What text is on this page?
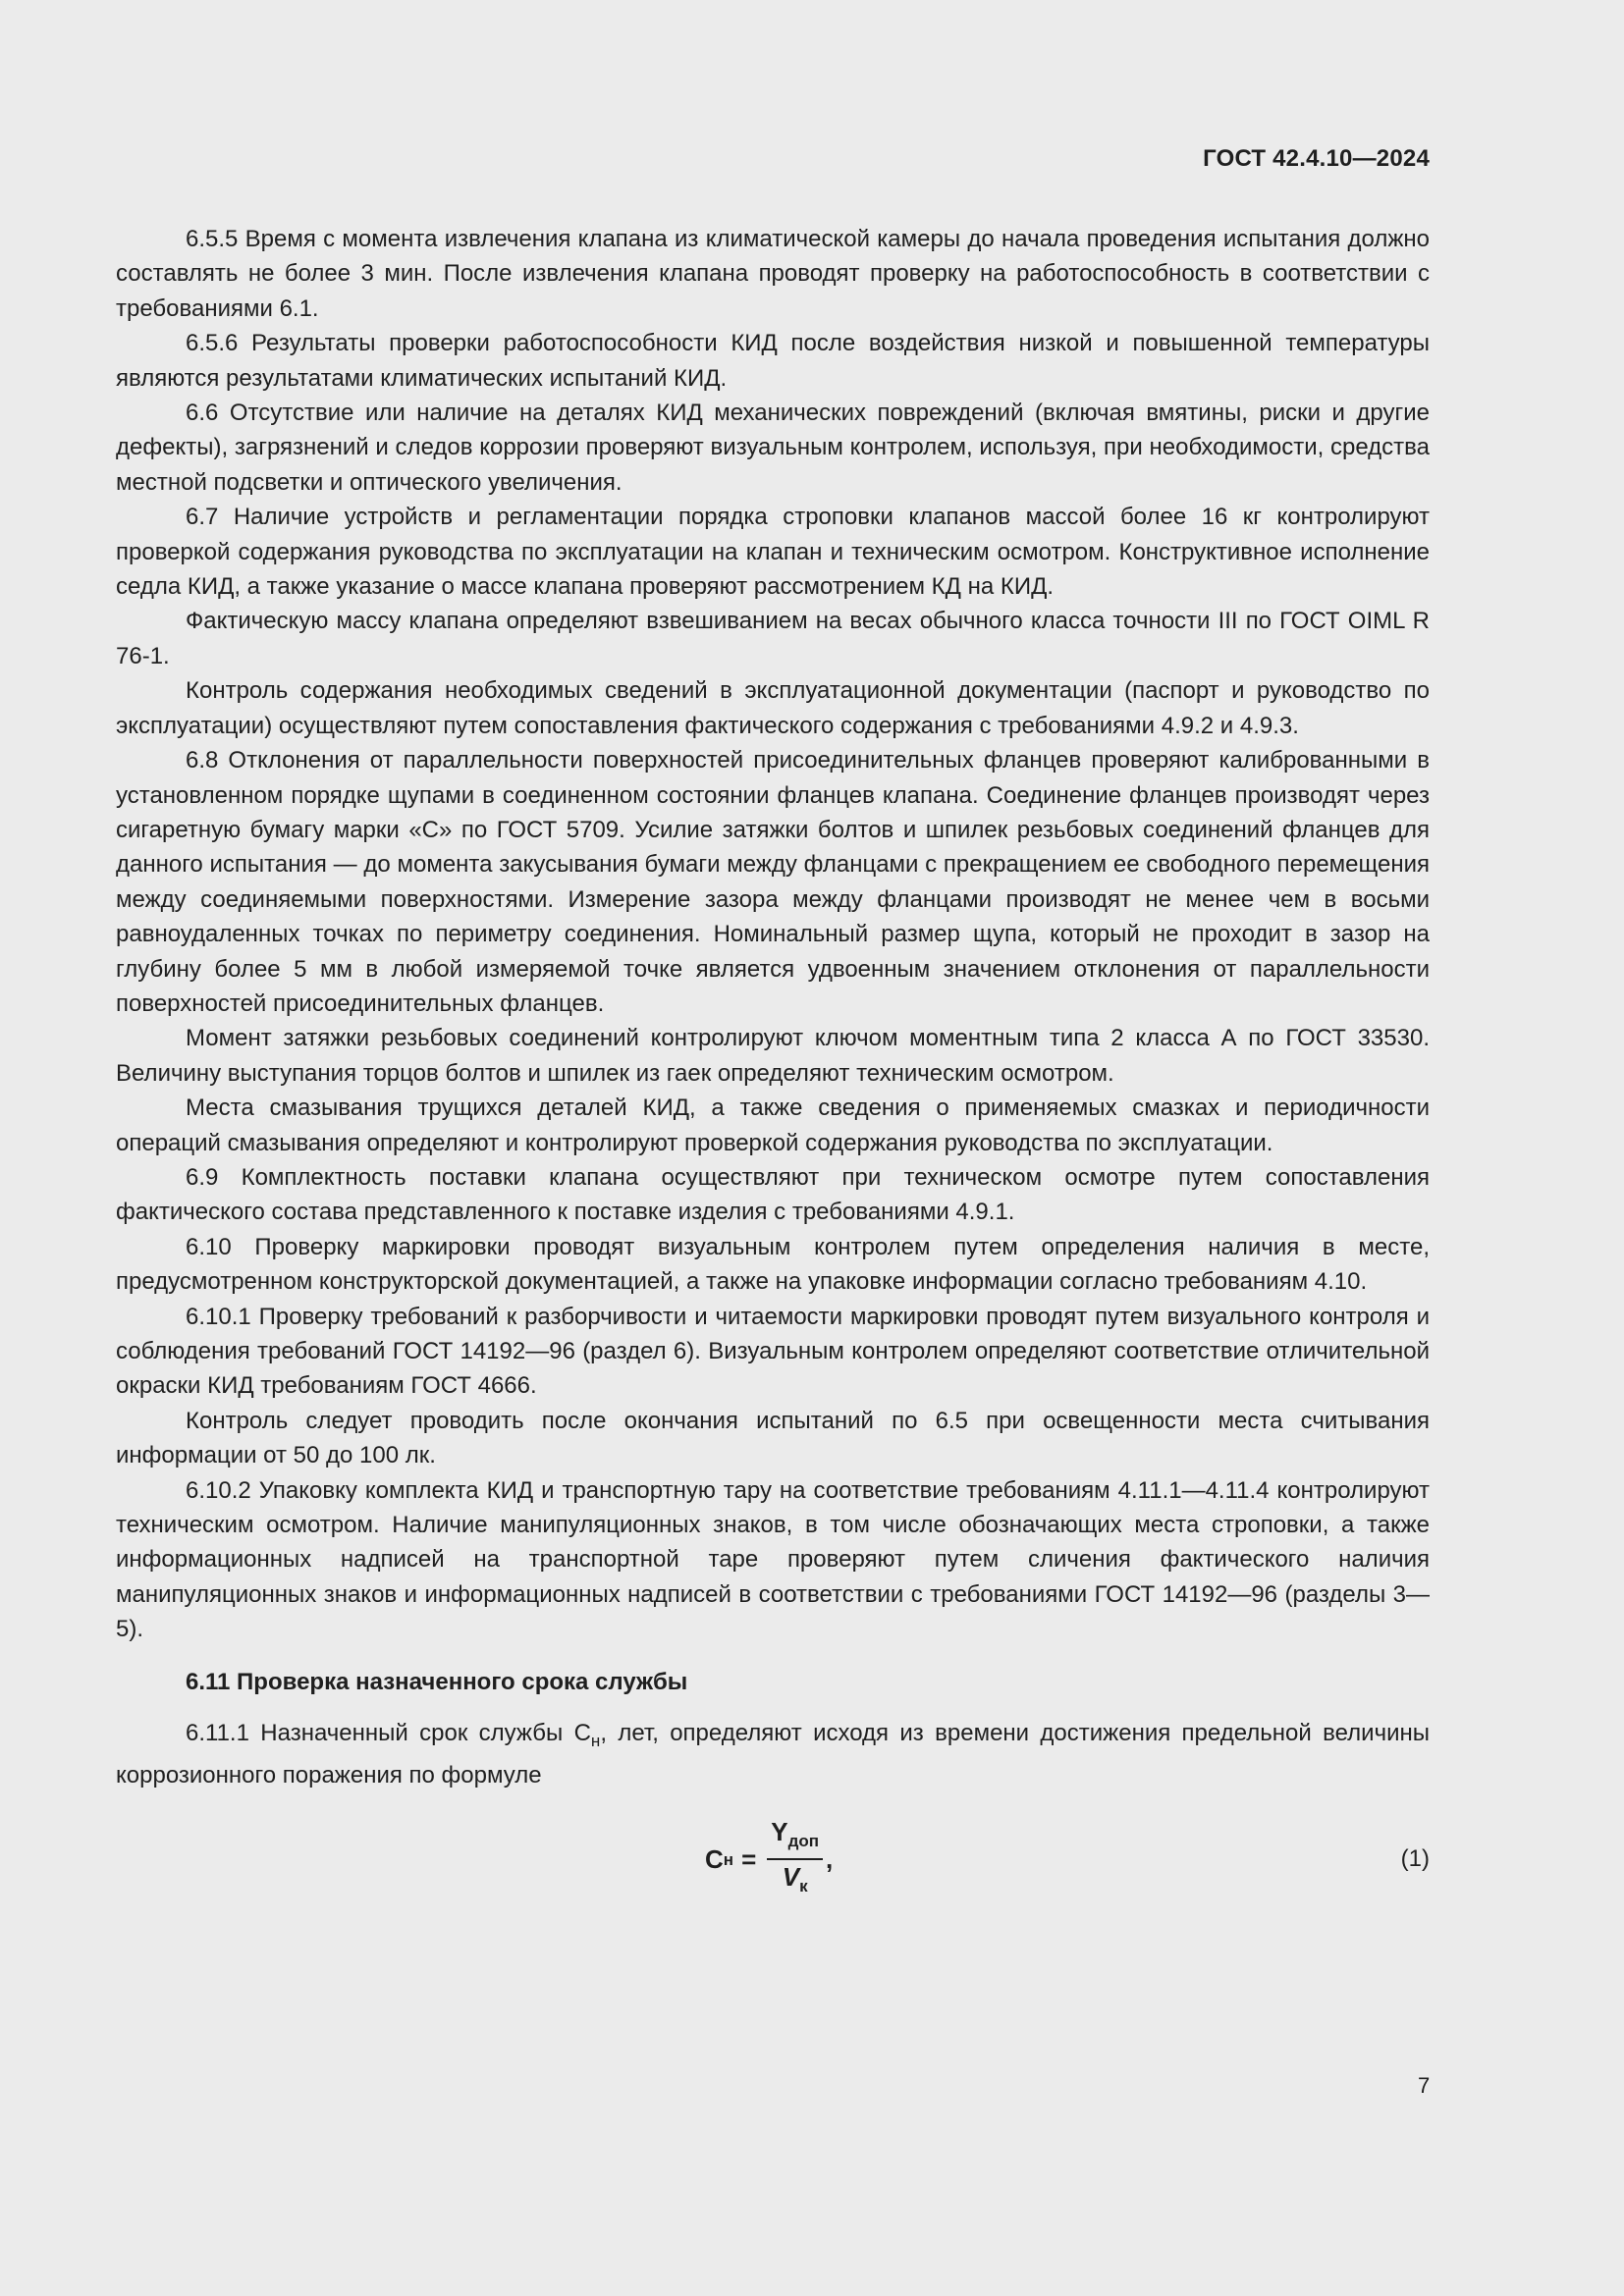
ГОСТ 42.4.10—2024

6.5.5 Время с момента извлечения клапана из климатической камеры до начала проведения испытания должно составлять не более 3 мин. После извлечения клапана проводят проверку на работоспособность в соответствии с требованиями 6.1.

6.5.6 Результаты проверки работоспособности КИД после воздействия низкой и повышенной температуры являются результатами климатических испытаний КИД.

6.6 Отсутствие или наличие на деталях КИД механических повреждений (включая вмятины, риски и другие дефекты), загрязнений и следов коррозии проверяют визуальным контролем, используя, при необходимости, средства местной подсветки и оптического увеличения.

6.7 Наличие устройств и регламентации порядка строповки клапанов массой более 16 кг контролируют проверкой содержания руководства по эксплуатации на клапан и техническим осмотром. Конструктивное исполнение седла КИД, а также указание о массе клапана проверяют рассмотрением КД на КИД.

Фактическую массу клапана определяют взвешиванием на весах обычного класса точности III по ГОСТ OIML R 76-1.

Контроль содержания необходимых сведений в эксплуатационной документации (паспорт и руководство по эксплуатации) осуществляют путем сопоставления фактического содержания с требованиями 4.9.2 и 4.9.3.

6.8 Отклонения от параллельности поверхностей присоединительных фланцев проверяют калиброванными в установленном порядке щупами в соединенном состоянии фланцев клапана. Соединение фланцев производят через сигаретную бумагу марки «С» по ГОСТ 5709. Усилие затяжки болтов и шпилек резьбовых соединений фланцев для данного испытания — до момента закусывания бумаги между фланцами с прекращением ее свободного перемещения между соединяемыми поверхностями. Измерение зазора между фланцами производят не менее чем в восьми равноудаленных точках по периметру соединения. Номинальный размер щупа, который не проходит в зазор на глубину более 5 мм в любой измеряемой точке является удвоенным значением отклонения от параллельности поверхностей присоединительных фланцев.

Момент затяжки резьбовых соединений контролируют ключом моментным типа 2 класса А по ГОСТ 33530. Величину выступания торцов болтов и шпилек из гаек определяют техническим осмотром.

Места смазывания трущихся деталей КИД, а также сведения о применяемых смазках и периодичности операций смазывания определяют и контролируют проверкой содержания руководства по эксплуатации.

6.9 Комплектность поставки клапана осуществляют при техническом осмотре путем сопоставления фактического состава представленного к поставке изделия с требованиями 4.9.1.

6.10 Проверку маркировки проводят визуальным контролем путем определения наличия в месте, предусмотренном конструкторской документацией, а также на упаковке информации согласно требованиям 4.10.

6.10.1 Проверку требований к разборчивости и читаемости маркировки проводят путем визуального контроля и соблюдения требований ГОСТ 14192—96 (раздел 6). Визуальным контролем определяют соответствие отличительной окраски КИД требованиям ГОСТ 4666.

Контроль следует проводить после окончания испытаний по 6.5 при освещенности места считывания информации от 50 до 100 лк.

6.10.2 Упаковку комплекта КИД и транспортную тару на соответствие требованиям 4.11.1—4.11.4 контролируют техническим осмотром. Наличие манипуляционных знаков, в том числе обозначающих места строповки, а также информационных надписей на транспортной таре проверяют путем сличения фактического наличия манипуляционных знаков и информационных надписей в соответствии с требованиями ГОСТ 14192—96 (разделы 3—5).

6.11 Проверка назначенного срока службы

6.11.1 Назначенный срок службы $С_н$, лет, определяют исходя из времени достижения предельной величины коррозионного поражения по формуле

С $н = \frac{Y_{доп}}{V_к}$ ,	(1)
7
